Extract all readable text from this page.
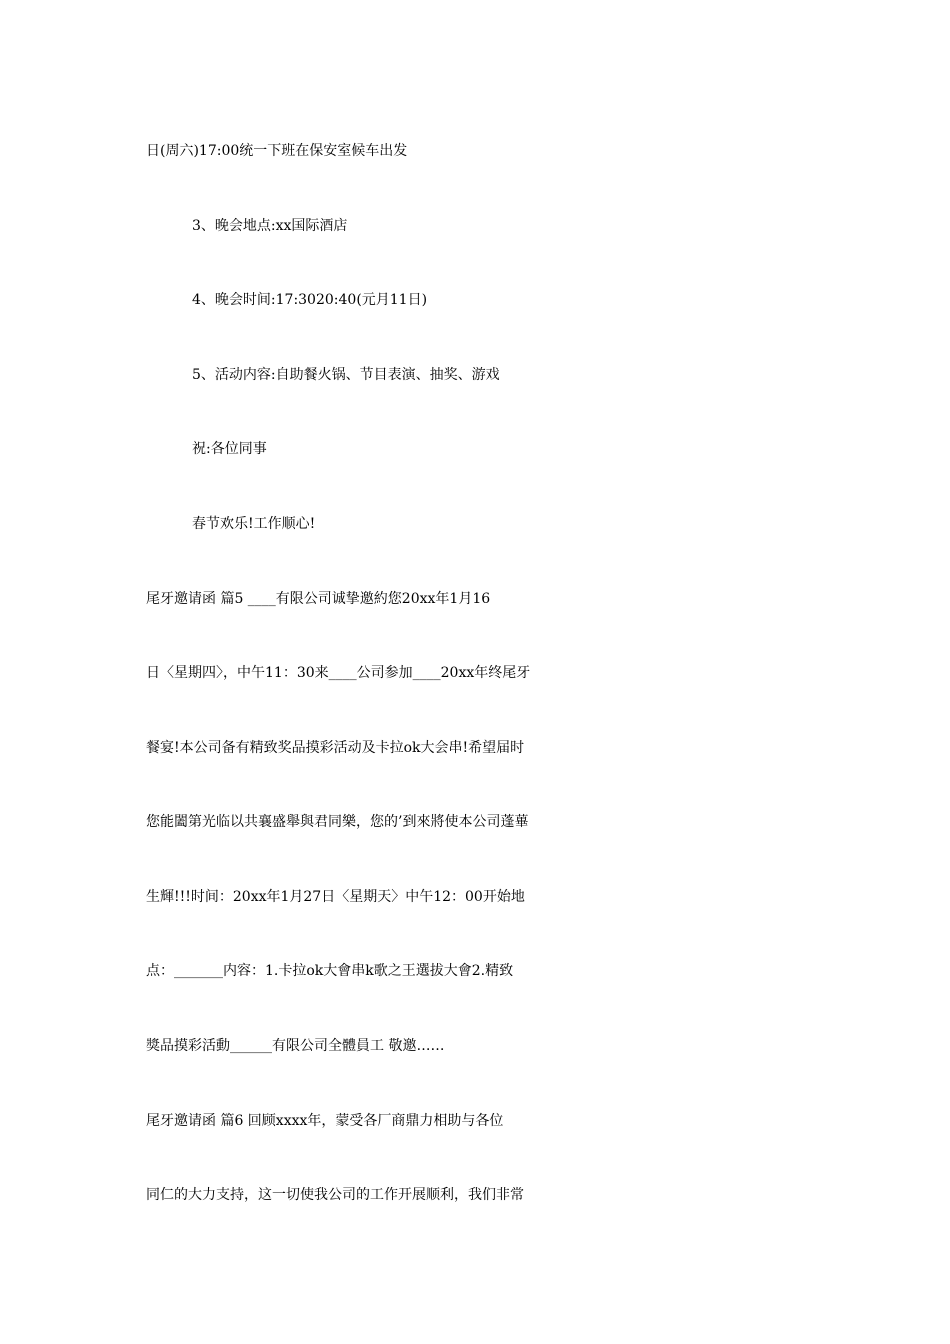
日(周六)17:00统一下班在保安室候车出发
3、晚会地点:xx国际酒店
4、晚会时间:17:3020:40(元月11日)
5、活动内容:自助餐火锅、节目表演、抽奖、游戏
祝:各位同事
春节欢乐!工作顺心!
尾牙邀请函 篇5 ____有限公司诚挚邀約您20xx年1月16
日〈星期四〉，中午11：30来____公司参加____20xx年终尾牙
餐宴!本公司备有精致奖品摸彩活动及卡拉ok大会串!希望届时
您能闔第光临以共襄盛舉與君同樂，您的’到來將使本公司蓬蓽
生輝!!!时间：20xx年1月27日〈星期天〉中午12：00开始地
点：_______内容：1.卡拉ok大會串k歌之王選拔大會2.精致
獎品摸彩活動______有限公司全體員工 敬邀……
尾牙邀请函 篇6 回顾xxxx年，蒙受各厂商鼎力相助与各位
同仁的大力支持，这一切使我公司的工作开展顺利，我们非常
